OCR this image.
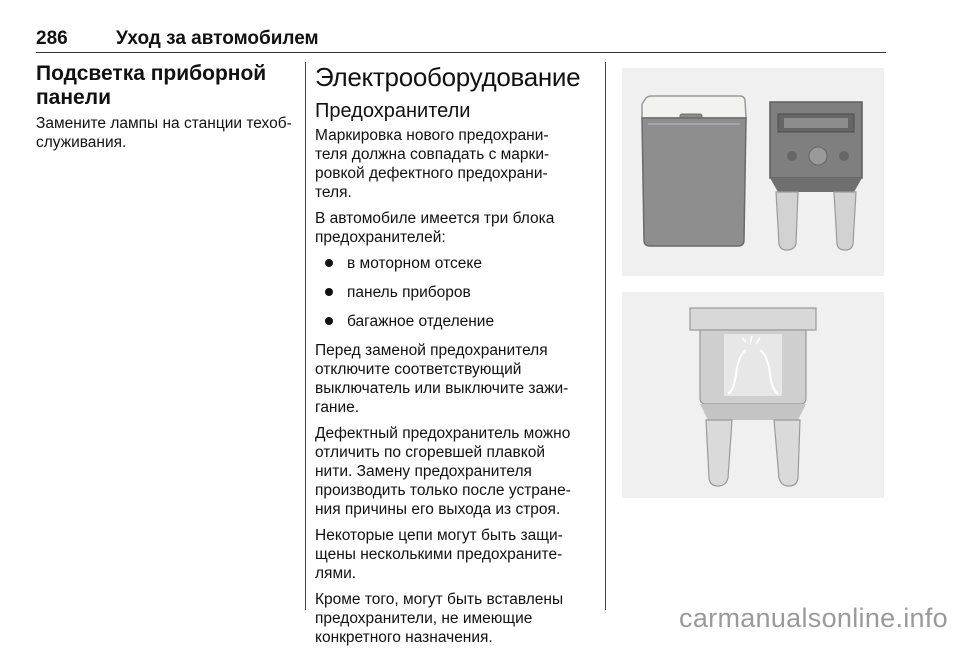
286	Уход за автомобилем
Подсветка приборной
панели
Замените лампы на станции техоб-
служивания.
Электрооборудование
Предохранители
Маркировка нового предохрани-
теля должна совпадать с марки-
ровкой дефектного предохрани-
теля.
В автомобиле имеется три блока
предохранителей:
в моторном отсеке
панель приборов
багажное отделение
Перед заменой предохранителя
отключите соответствующий
выключатель или выключите зажи-
гание.
Дефектный предохранитель можно
отличить по сгоревшей плавкой
нити. Замену предохранителя
производить только после устране-
ния причины его выхода из строя.
Некоторые цепи могут быть защи-
щены несколькими предохраните-
лями.
Кроме того, могут быть вставлены
предохранители, не имеющие
конкретного назначения.
carmanualsonline.info
